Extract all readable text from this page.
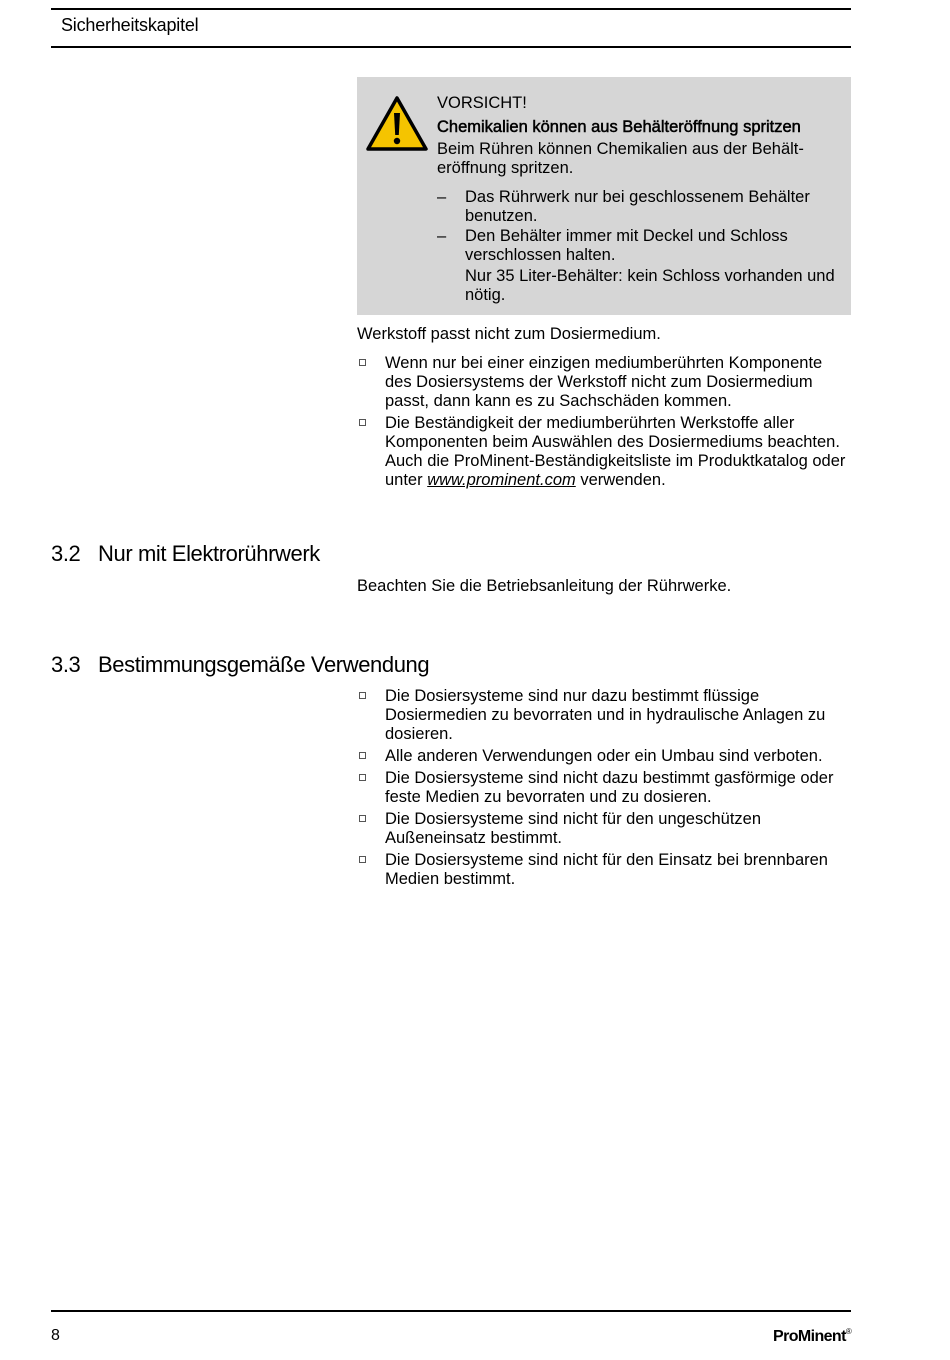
Sicherheitskapitel
VORSICHT!
Chemikalien können aus Behälteröffnung spritzen
Beim Rühren können Chemikalien aus der Behält-
eröffnung spritzen.
– Das Rührwerk nur bei geschlossenem Behälter benutzen.
– Den Behälter immer mit Deckel und Schloss verschlossen halten.
Nur 35 Liter-Behälter: kein Schloss vorhanden und nötig.
Werkstoff passt nicht zum Dosiermedium.
Wenn nur bei einer einzigen mediumberührten Komponente des Dosiersystems der Werkstoff nicht zum Dosiermedium passt, dann kann es zu Sachschäden kommen.
Die Beständigkeit der mediumberührten Werkstoffe aller Komponenten beim Auswählen des Dosiermediums beachten. Auch die ProMinent-Beständigkeitsliste im Produktkatalog oder unter www.prominent.com verwenden.
3.2 Nur mit Elektrorührwerk
Beachten Sie die Betriebsanleitung der Rührwerke.
3.3 Bestimmungsgemäße Verwendung
Die Dosiersysteme sind nur dazu bestimmt flüssige Dosiermedien zu bevorraten und in hydraulische Anlagen zu dosieren.
Alle anderen Verwendungen oder ein Umbau sind verboten.
Die Dosiersysteme sind nicht dazu bestimmt gasförmige oder feste Medien zu bevorraten und zu dosieren.
Die Dosiersysteme sind nicht für den ungeschützen Außeneinsatz bestimmt.
Die Dosiersysteme sind nicht für den Einsatz bei brennbaren Medien bestimmt.
8	ProMinent®
